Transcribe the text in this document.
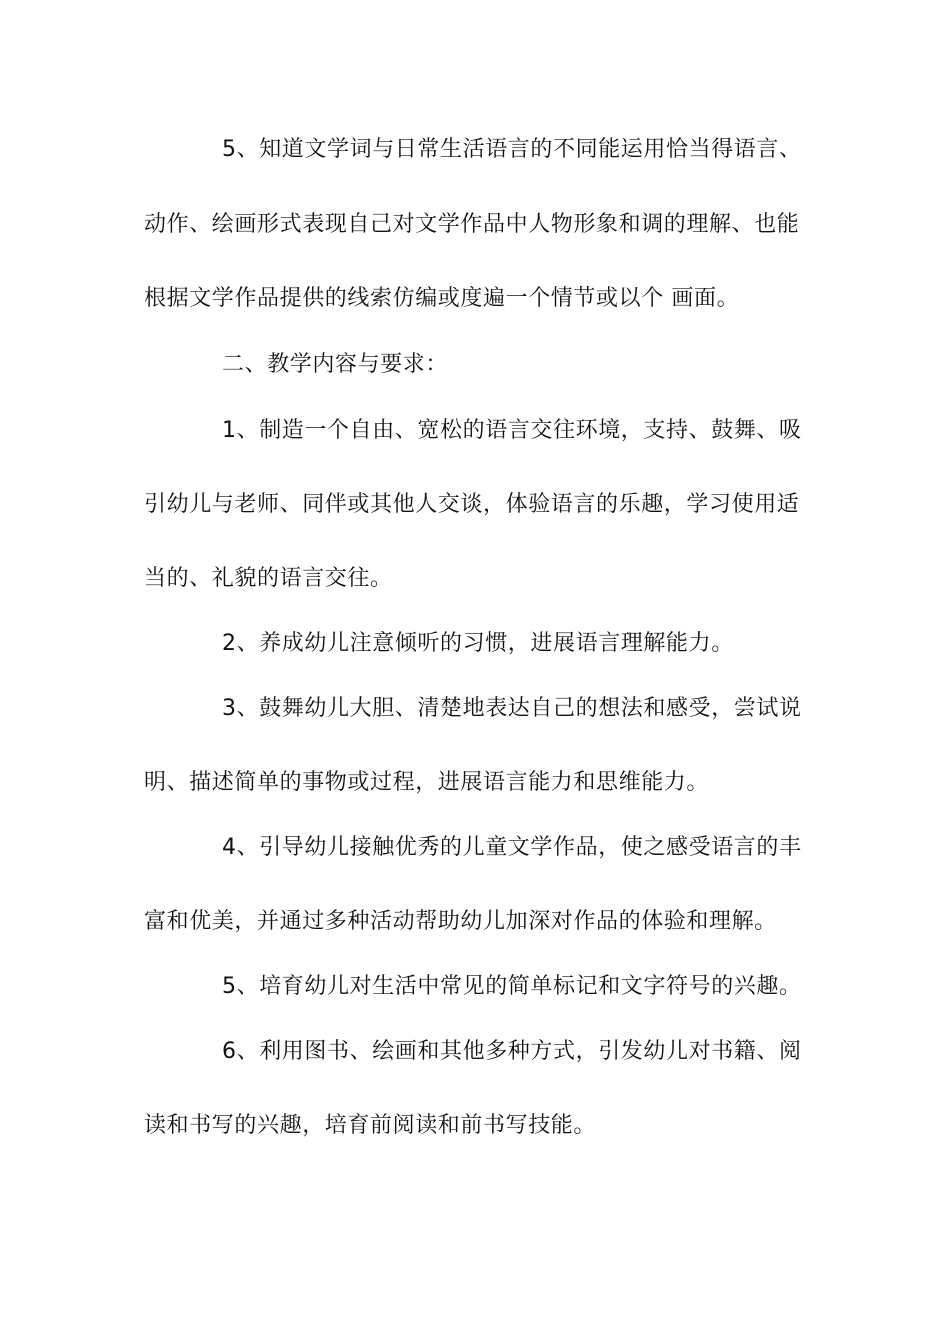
5、知道文学词与日常生活语言的不同能运用恰当得语言、
动作、绘画形式表现自己对文学作品中人物形象和调的理解、也能
根据文学作品提供的线索仿编或度遍一个情节或以个 画面。
二、教学内容与要求：
1、制造一个自由、宽松的语言交往环境，支持、鼓舞、吸
引幼儿与老师、同伴或其他人交谈，体验语言的乐趣，学习使用适
当的、礼貌的语言交往。
2、养成幼儿注意倾听的习惯，进展语言理解能力。
3、鼓舞幼儿大胆、清楚地表达自己的想法和感受，尝试说
明、描述简单的事物或过程，进展语言能力和思维能力。
4、引导幼儿接触优秀的儿童文学作品，使之感受语言的丰
富和优美，并通过多种活动帮助幼儿加深对作品的体验和理解。
5、培育幼儿对生活中常见的简单标记和文字符号的兴趣。
6、利用图书、绘画和其他多种方式，引发幼儿对书籍、阅
读和书写的兴趣，培育前阅读和前书写技能。
